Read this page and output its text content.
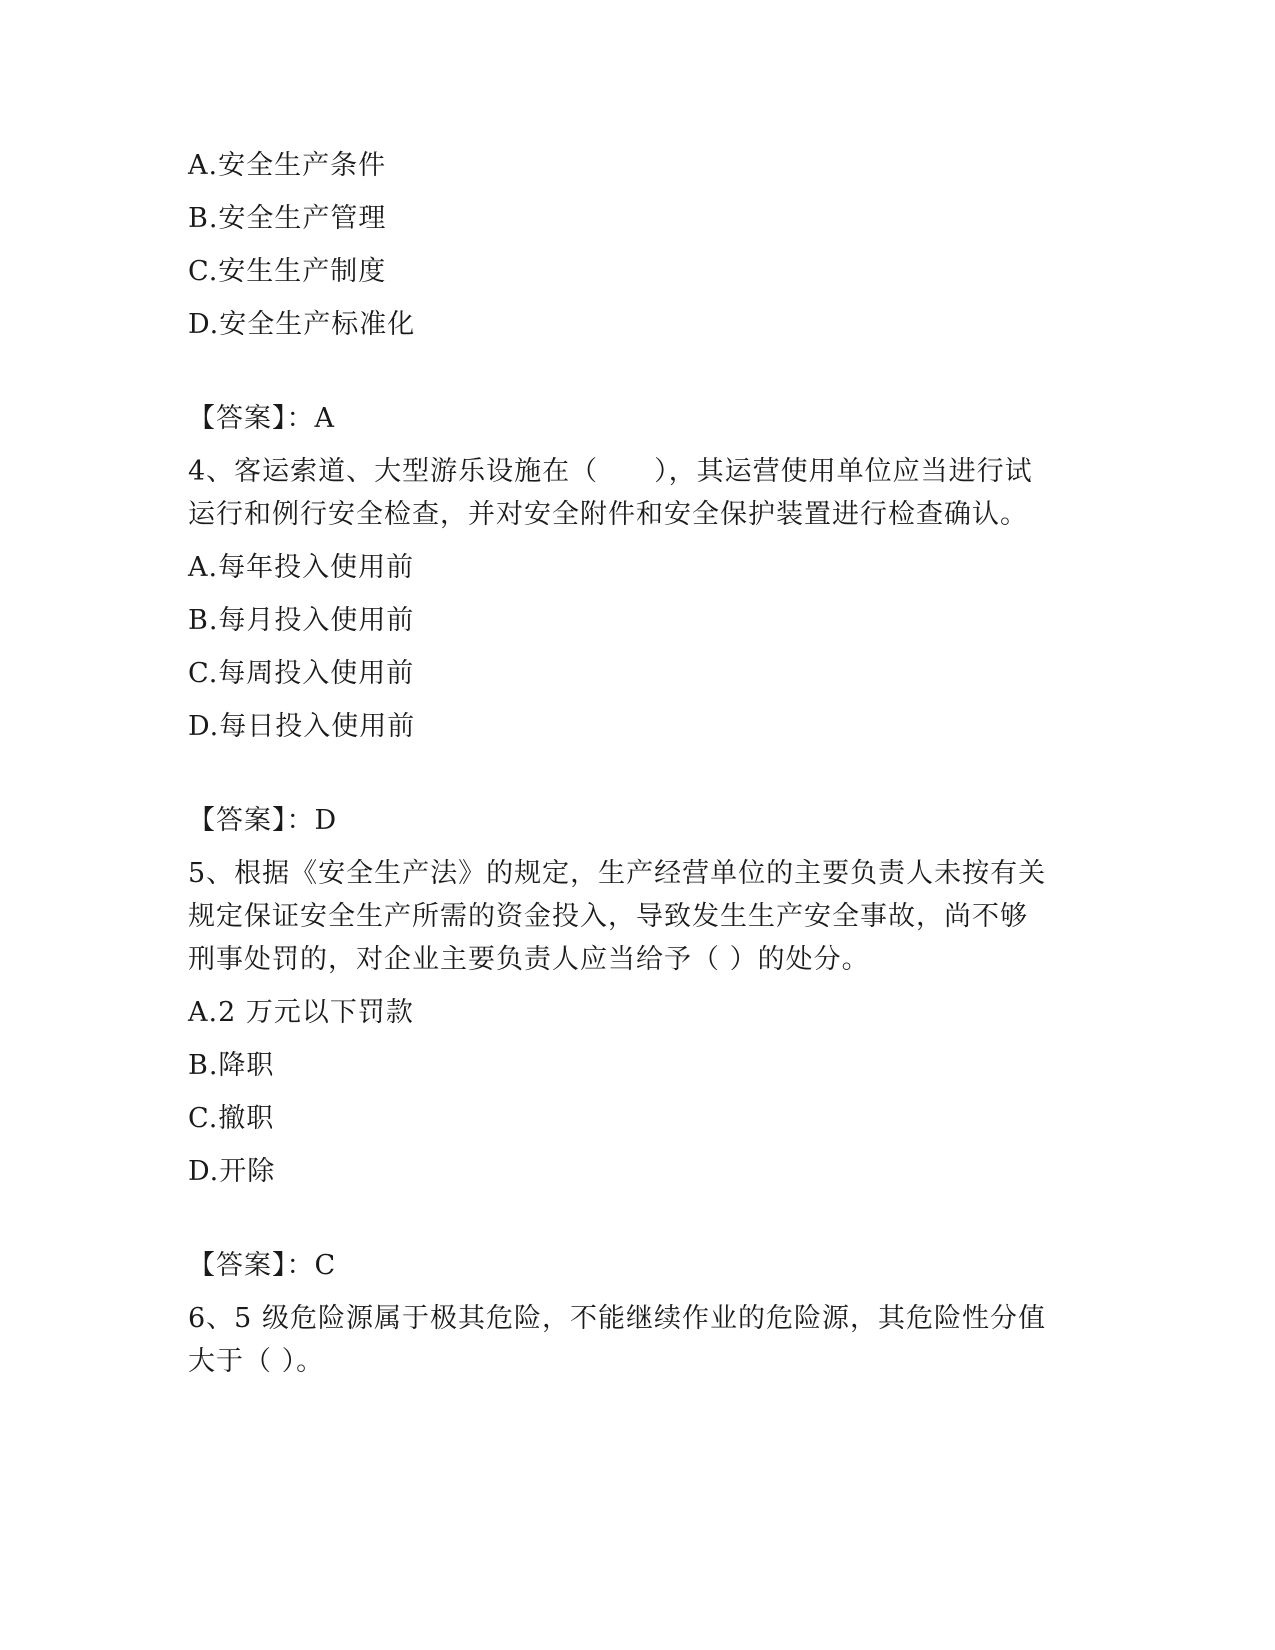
A.安全生产条件
B.安全生产管理
C.安生生产制度
D.安全生产标准化
【答案】：A
4、客运索道、大型游乐设施在（　　），其运营使用单位应当进行试
运行和例行安全检查，并对安全附件和安全保护装置进行检查确认。
A.每年投入使用前
B.每月投入使用前
C.每周投入使用前
D.每日投入使用前
【答案】：D
5、根据《安全生产法》的规定，生产经营单位的主要负责人未按有关
规定保证安全生产所需的资金投入，导致发生生产安全事故，尚不够
刑事处罚的，对企业主要负责人应当给予（ ）的处分。
A.2 万元以下罚款
B.降职
C.撤职
D.开除
【答案】：C
6、5 级危险源属于极其危险，不能继续作业的危险源，其危险性分值
大于（ ）。
